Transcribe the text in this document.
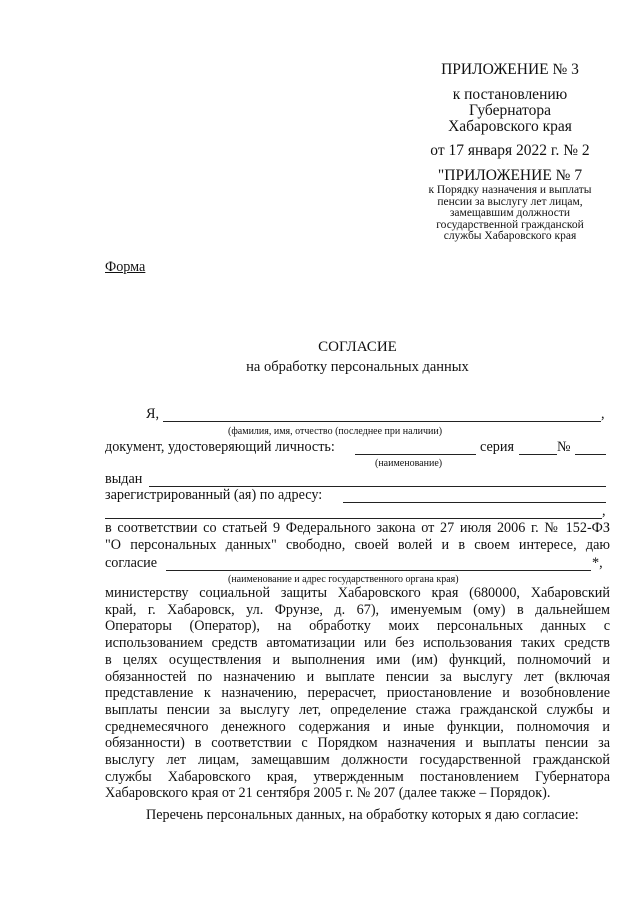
ПРИЛОЖЕНИЕ № 3
к постановлению
Губернатора
Хабаровского края
от 17 января 2022 г. № 2
"ПРИЛОЖЕНИЕ № 7
к Порядку назначения и выплаты
пенсии за выслугу лет лицам,
замещавшим должности
государственной гражданской
службы Хабаровского края
Форма
СОГЛАСИЕ
на обработку персональных данных
Я,	,
(фамилия, имя, отчество (последнее при наличии)
документ, удостоверяющий личность:	серия	№
(наименование)
выдан
зарегистрированный (ая) по адресу:
,
в соответствии со статьей 9 Федерального закона от 27 июля 2006 г. № 152-ФЗ
"О персональных данных" свободно, своей волей и в своем интересе, даю
согласие	*,
(наименование и адрес государственного органа края)
министерству социальной защиты Хабаровского края (680000, Хабаровский
край, г. Хабаровск, ул. Фрунзе, д. 67), именуемым (ому) в дальнейшем
Операторы (Оператор), на обработку моих персональных данных с
использованием средств автоматизации или без использования таких средств
в целях осуществления и выполнения ими (им) функций, полномочий и
обязанностей по назначению и выплате пенсии за выслугу лет (включая
представление к назначению, перерасчет, приостановление и возобновление
выплаты пенсии за выслугу лет, определение стажа гражданской службы и
среднемесячного денежного содержания и иные функции, полномочия и
обязанности) в соответствии с Порядком назначения и выплаты пенсии за
выслугу лет лицам, замещавшим должности государственной гражданской
службы Хабаровского края, утвержденным постановлением Губернатора
Хабаровского края от 21 сентября 2005 г. № 207 (далее также – Порядок).
Перечень персональных данных, на обработку которых я даю согласие:
